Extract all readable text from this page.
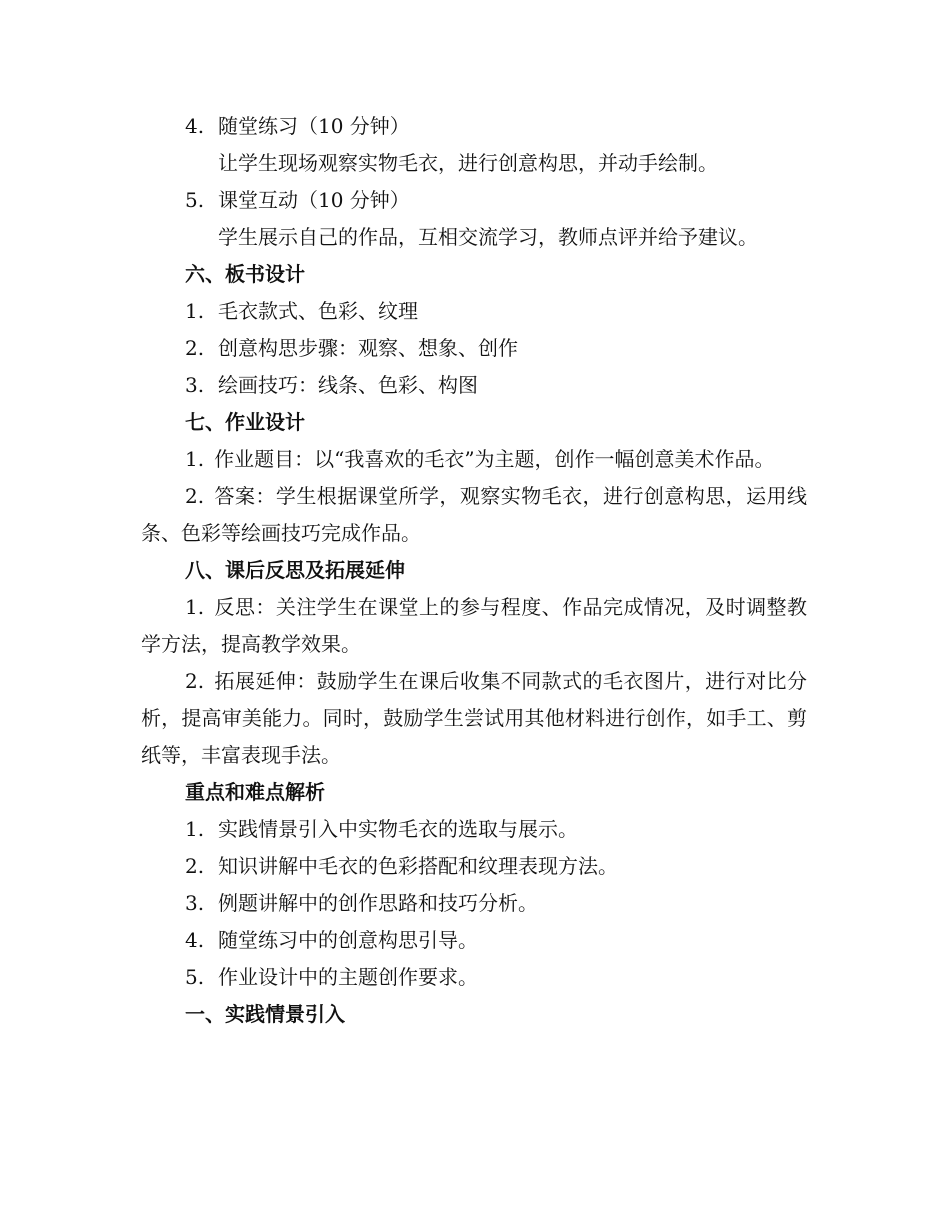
4. 随堂练习（10 分钟）
让学生现场观察实物毛衣，进行创意构思，并动手绘制。
5. 课堂互动（10 分钟）
学生展示自己的作品，互相交流学习，教师点评并给予建议。
六、板书设计
1. 毛衣款式、色彩、纹理
2. 创意构思步骤：观察、想象、创作
3. 绘画技巧：线条、色彩、构图
七、作业设计

1.  作业题目：以“我喜欢的毛衣”为主题，创作一幅创意美术作品。

2.  答案：学生根据课堂所学，观察实物毛衣，进行创意构思，运用线条、色彩等绘画技巧完成作品。

八、课后反思及拓展延伸

1.  反思：关注学生在课堂上的参与程度、作品完成情况，及时调整教学方法，提高教学效果。

2.  拓展延伸：鼓励学生在课后收集不同款式的毛衣图片，进行对比分析，提高审美能力。同时，鼓励学生尝试用其他材料进行创作，如手工、剪纸等，丰富表现手法。

重点和难点解析
1. 实践情景引入中实物毛衣的选取与展示。
2. 知识讲解中毛衣的色彩搭配和纹理表现方法。
3. 例题讲解中的创作思路和技巧分析。
4. 随堂练习中的创意构思引导。
5. 作业设计中的主题创作要求。
一、实践情景引入
